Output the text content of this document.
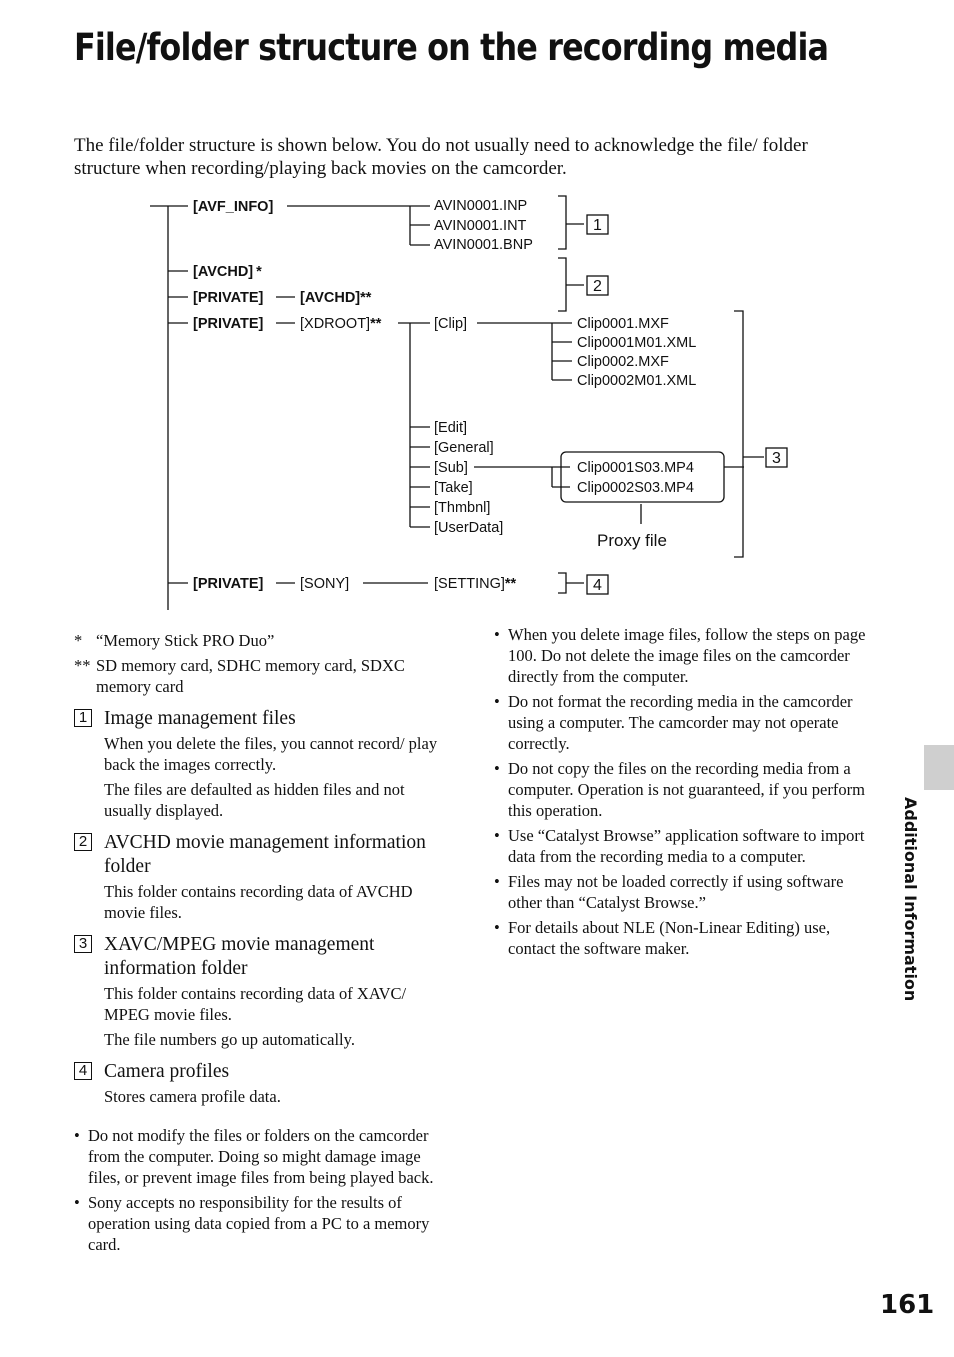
File/folder structure on the recording media

The file/folder structure is shown below. You do not usually need to acknowledge the file/ folder structure when recording/playing back movies on the camcorder.

[AVF_INFO]	AVIN0001.INP
AVIN0001.INT
AVIN0001.BNP
[AVCHD] *
[PRIVATE]	[AVCHD]**
[PRIVATE]	[XDROOT]**	[Clip]	Clip0001.MXF
Clip0001M01.XML
Clip0002.MXF
Clip0002M01.XML
[Edit]
[General]
[Sub]
[Take]
[Thmbnl]
[UserData]
Clip0001S03.MP4
Clip0002S03.MP4
Proxy file
[PRIVATE]	[SONY]	[SETTING]**
1
2
3
4
* “Memory Stick PRO Duo”
** SD memory card, SDHC memory card, SDXC memory card
1 Image management files

When you delete the files, you cannot record/ play back the images correctly.

The files are defaulted as hidden files and not usually displayed.

2 AVCHD movie management information folder

This folder contains recording data of AVCHD movie files.

3 XAVC/MPEG movie management information folder

This folder contains recording data of XAVC/ MPEG movie files.

The file numbers go up automatically.

4 Camera profiles

Stores camera profile data.

• Do not modify the files or folders on the camcorder from the computer. Doing so might damage image files, or prevent image files from being played back.
• Sony accepts no responsibility for the results of operation using data copied from a PC to a memory card.
• When you delete image files, follow the steps on page 100. Do not delete the image files on the camcorder directly from the computer.
• Do not format the recording media in the camcorder using a computer. The camcorder may not operate correctly.
• Do not copy the files on the recording media from a computer. Operation is not guaranteed, if you perform this operation.
• Use “Catalyst Browse” application software to import data from the recording media to a computer.
• Files may not be loaded correctly if using software other than “Catalyst Browse.”
• For details about NLE (Non-Linear Editing) use, contact the software maker.	Additional Information
161
